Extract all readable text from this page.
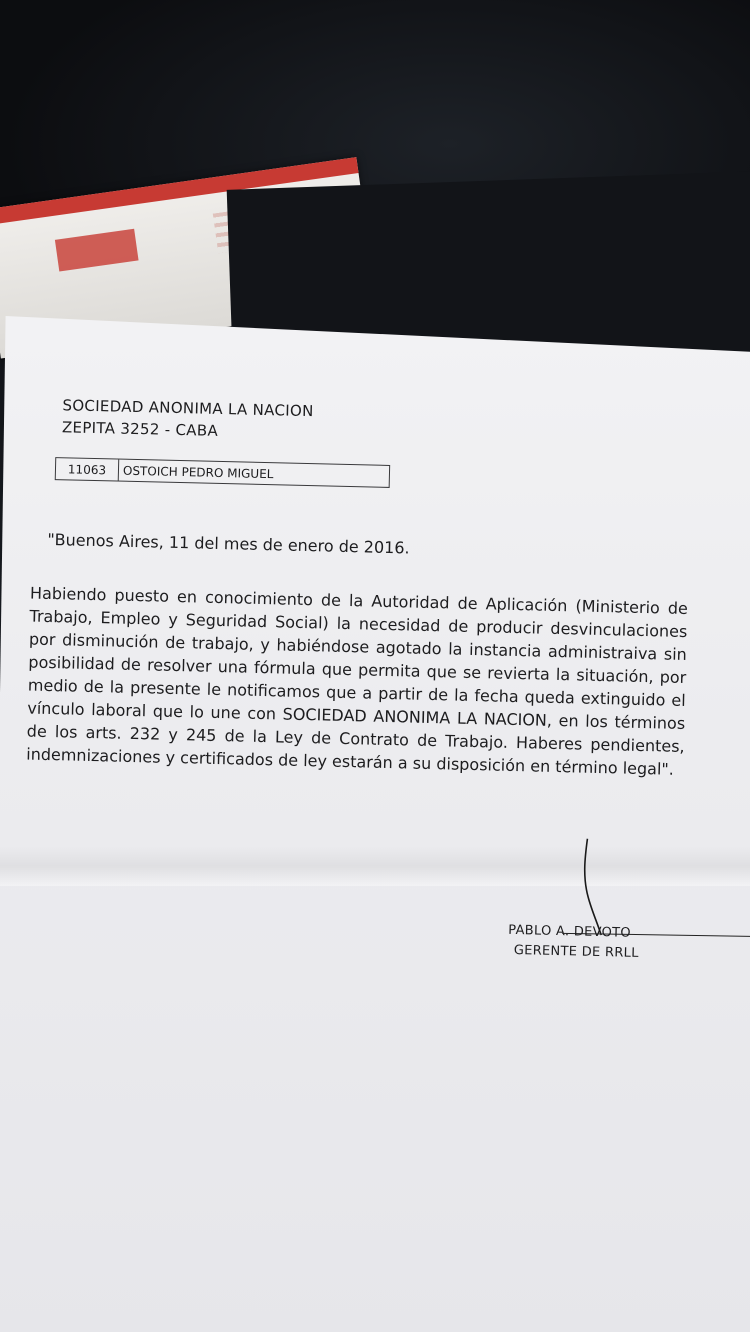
SOCIEDAD ANONIMA LA NACION
ZEPITA 3252 - CABA
11063	OSTOICH PEDRO MIGUEL
"Buenos Aires, 11 del mes de enero de 2016.
Habiendo puesto en conocimiento de la Autoridad de Aplicación (Ministerio de Trabajo, Empleo y Seguridad Social) la necesidad de producir desvinculaciones por disminución de trabajo, y habiéndose agotado la instancia administraiva sin posibilidad de resolver una fórmula que permita que se revierta la situación, por medio de la presente le notificamos que a partir de la fecha queda extinguido el vínculo laboral que lo une con SOCIEDAD ANONIMA LA NACION, en los términos de los arts. 232 y 245 de la Ley de Contrato de Trabajo. Haberes pendientes, indemnizaciones y certificados de ley estarán a su disposición en término legal".
PABLO A. DEVOTO
GERENTE DE RRLL
